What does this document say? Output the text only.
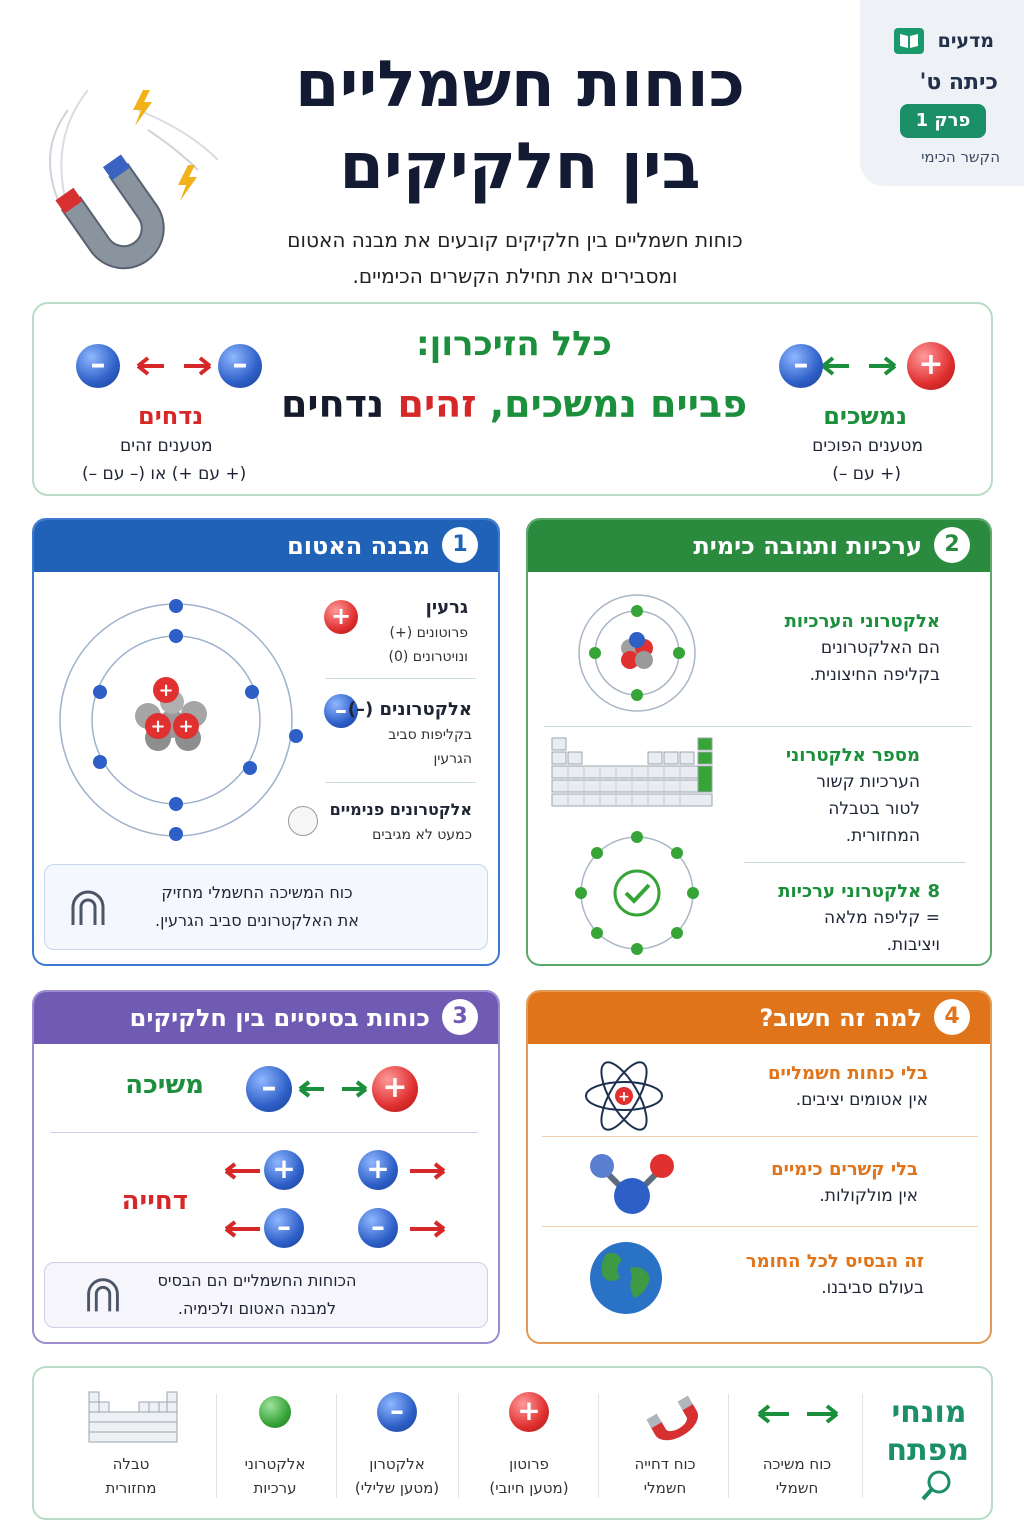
כוחות חשמליים
בין חלקיקים
כוחות חשמליים בין חלקיקים קובעים את מבנה האטום
ומסבירים את תחילת הקשרים הכימיים.
מדעים
כיתה ט'
פרק 1
הקשר הכימי
כלל הזיכרון:
פביים נמשכים, זהים נדחים
+
–
נמשכים
מטענים הפוכים
(+ עם –)
–	–
נדחים
מטענים זהים
(+ עם +) או (– עם –)
1מבנה האטום
+
+ +
+	גרעין
פרוטונים (+)
ונויטרונים (0)
– אלקטרונים (–)
בקליפות סביב
הגרעין
אלקטרונים פנימיים
כמעט לא מגיבים
כוח המשיכה החשמלי מחזיק
את האלקטרונים סביב הגרעין.
2ערכיות ותגובה כימית
אלקטרוני הערכיות
הם האלקטרונים
בקליפה החיצונית.
מספר אלקטרוני
הערכיות קשור
לטור בטבלה
המחזורית.
8 אלקטרוני ערכיות
= קליפה מלאה
ויציבות.
3כוחות בסיסיים בין חלקיקים
משיכה	+
–
דחייה
+	+
–	–
הכוחות החשמליים הם הבסיס
למבנה האטום ולכימיה.
4למה זה חשוב?
+
בלי כוחות חשמליים
אין אטומים יציבים.
בלי קשרים כימיים
אין מולקולות.
זה הבסיס לכל החומר
בעולם סביבנו.
מונחי
מפתח
כוח משיכה
חשמלי
כוח דחייה
חשמלי
+
פרוטון
(מטען חיובי)
–
אלקטרון
(מטען שלילי)
אלקטרוני
ערכיות
טבלה
מחזורית
